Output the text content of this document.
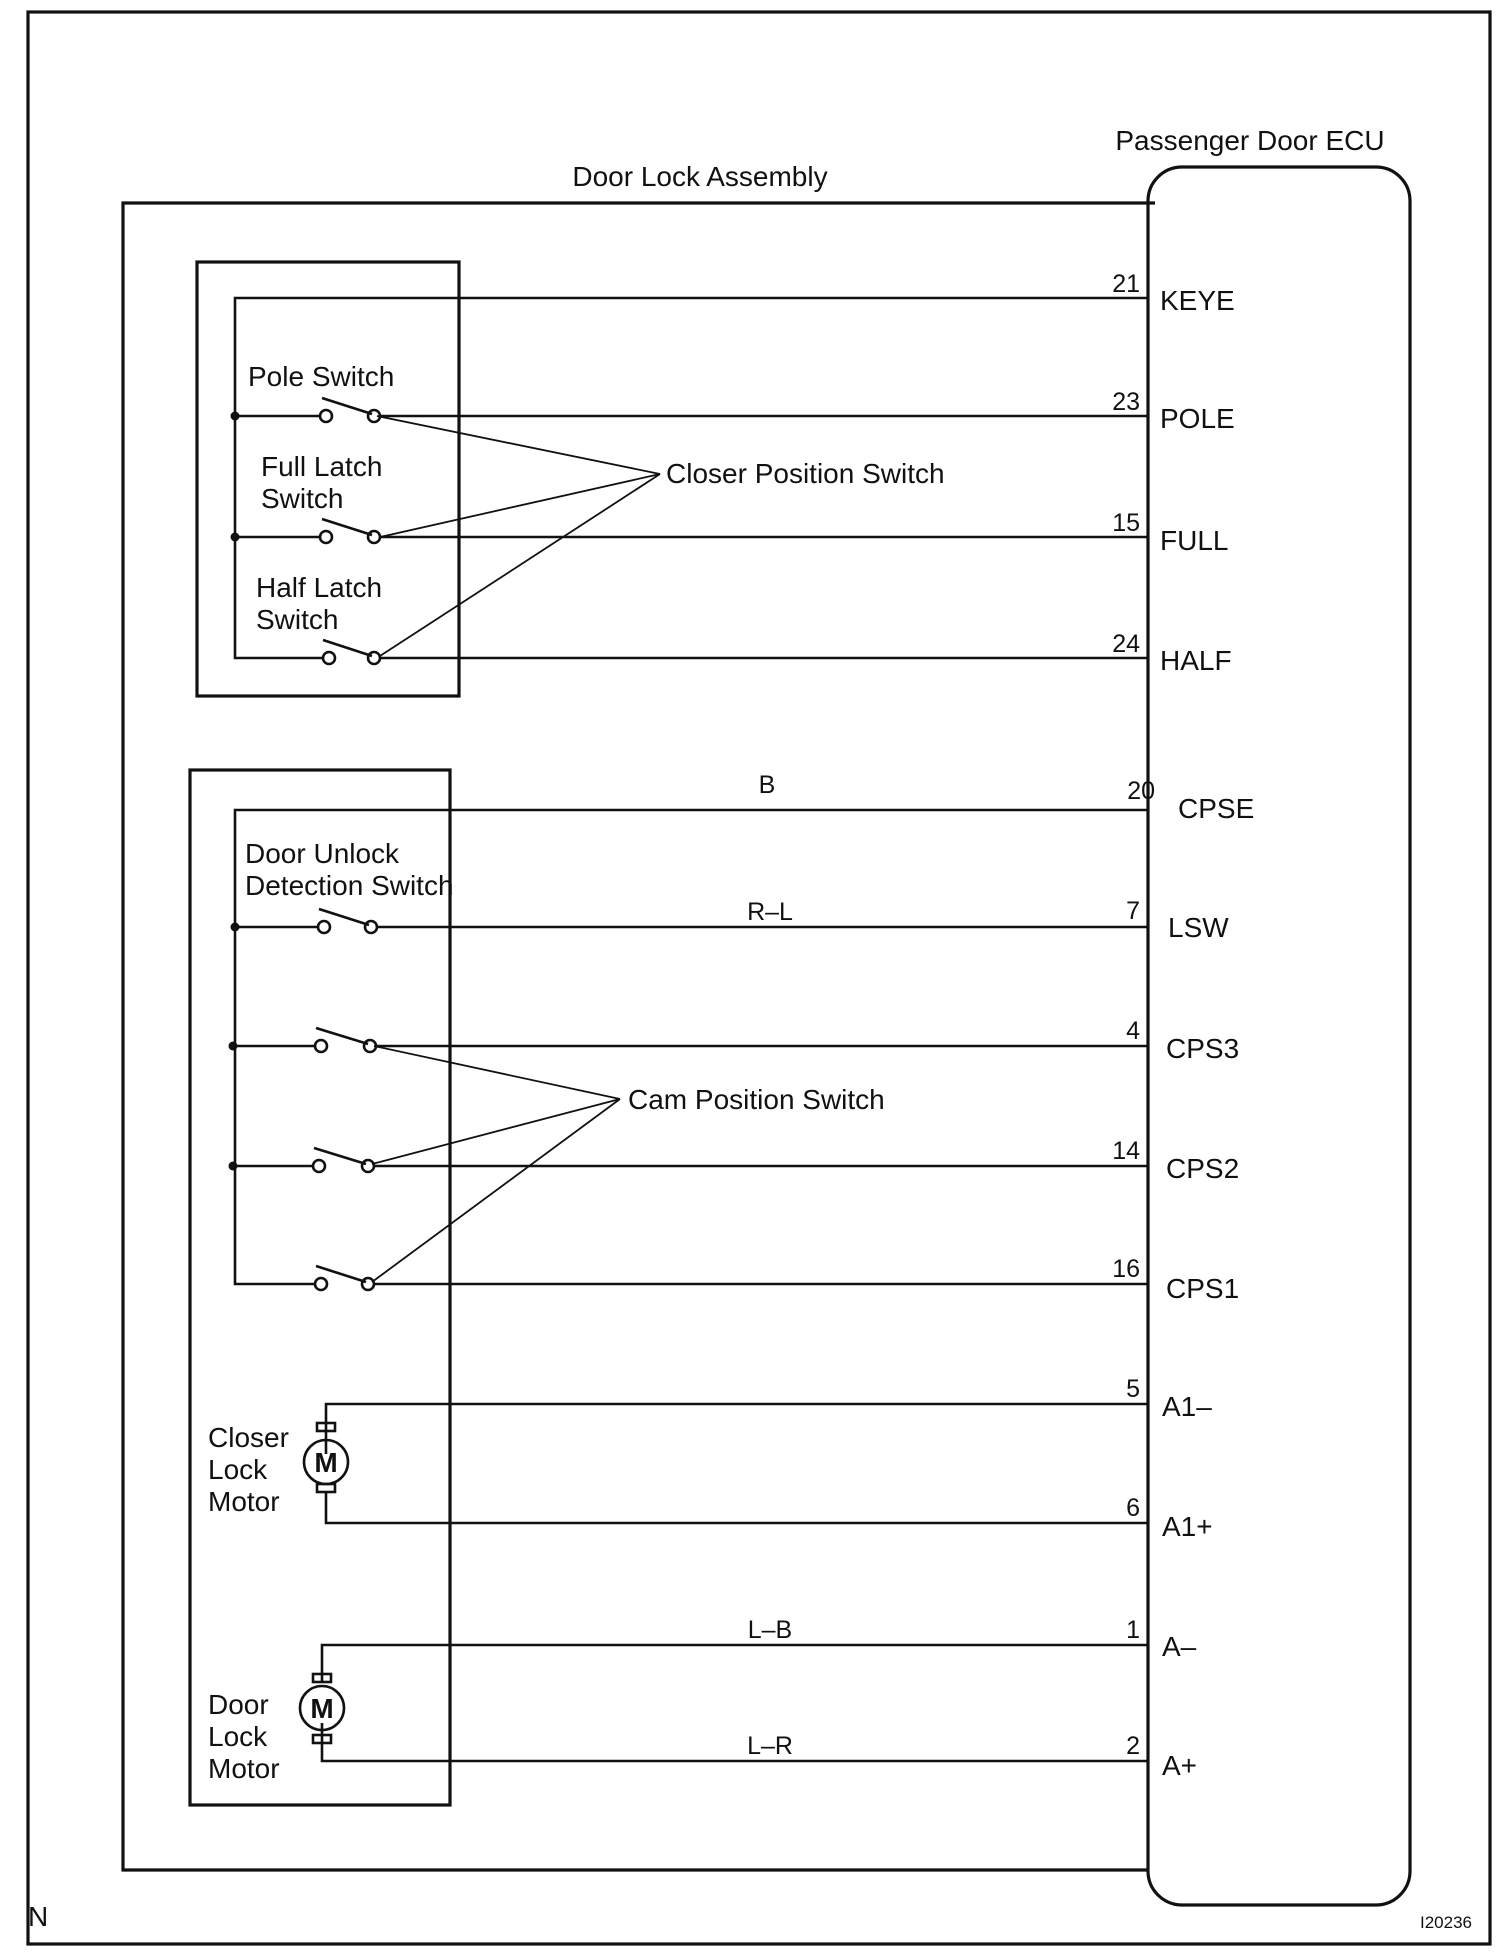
Passenger Door ECU
Door Lock Assembly
M
M
Pole Switch
Full Latch
Switch
Half Latch
Switch
Door Unlock
Detection Switch
Closer Position Switch
Cam Position Switch
Closer
Lock
Motor
Door
Lock
Motor
B
R–L
L–B
L–R
21
23
15
24
20
7
4
14
16
5
6
1
2
KEYE
POLE
FULL
HALF
CPSE
LSW
CPS3
CPS2
CPS1
A1–
A1+
A–
A+
N	I20236
